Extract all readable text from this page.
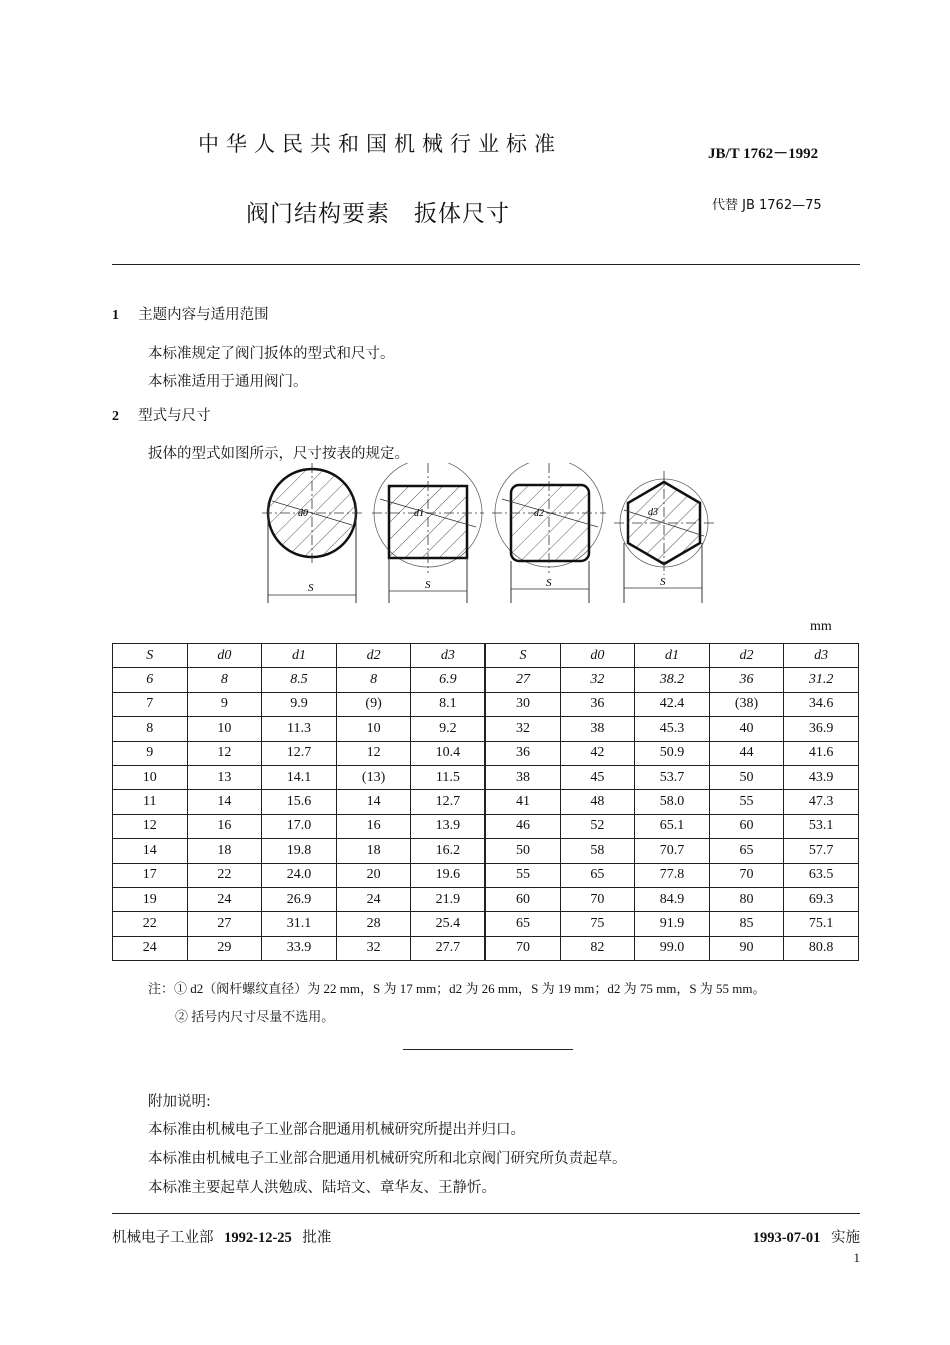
中华人民共和国机械行业标准	JB/T 1762－1992
阀门结构要素　扳体尺寸	代替 JB 1762—75
1 主题内容与适用范围
本标准规定了阀门扳体的型式和尺寸。
本标准适用于通用阀门。
2 型式与尺寸
扳体的型式如图所示，尺寸按表的规定。
d0
S
d1
S
d2
S
d3
S
mm
S	d0	d1	d2	d3	S	d0	d1	d2	d3
6	8	8.5	8	6.9	27	32	38.2	36	31.2
7	9	9.9	(9)	8.1	30	36	42.4	(38)	34.6
8	10	11.3	10	9.2	32	38	45.3	40	36.9
9	12	12.7	12	10.4	36	42	50.9	44	41.6
10	13	14.1	(13)	11.5	38	45	53.7	50	43.9
11	14	15.6	14	12.7	41	48	58.0	55	47.3
12	16	17.0	16	13.9	46	52	65.1	60	53.1
14	18	19.8	18	16.2	50	58	70.7	65	57.7
17	22	24.0	20	19.6	55	65	77.8	70	63.5
19	24	26.9	24	21.9	60	70	84.9	80	69.3
22	27	31.1	28	25.4	65	75	91.9	85	75.1
24	29	33.9	32	27.7	70	82	99.0	90	80.8
注：① d2（阀杆螺纹直径）为 22 mm，S 为 17 mm；d2 为 26 mm，S 为 19 mm；d2 为 75 mm，S 为 55 mm。
② 括号内尺寸尽量不选用。
附加说明:
本标准由机械电子工业部合肥通用机械研究所提出并归口。
本标准由机械电子工业部合肥通用机械研究所和北京阀门研究所负责起草。
本标准主要起草人洪勉成、陆培文、章华友、王静忻。
机械电子工业部 1992-12-25 批准	1993-07-01 实施
1
